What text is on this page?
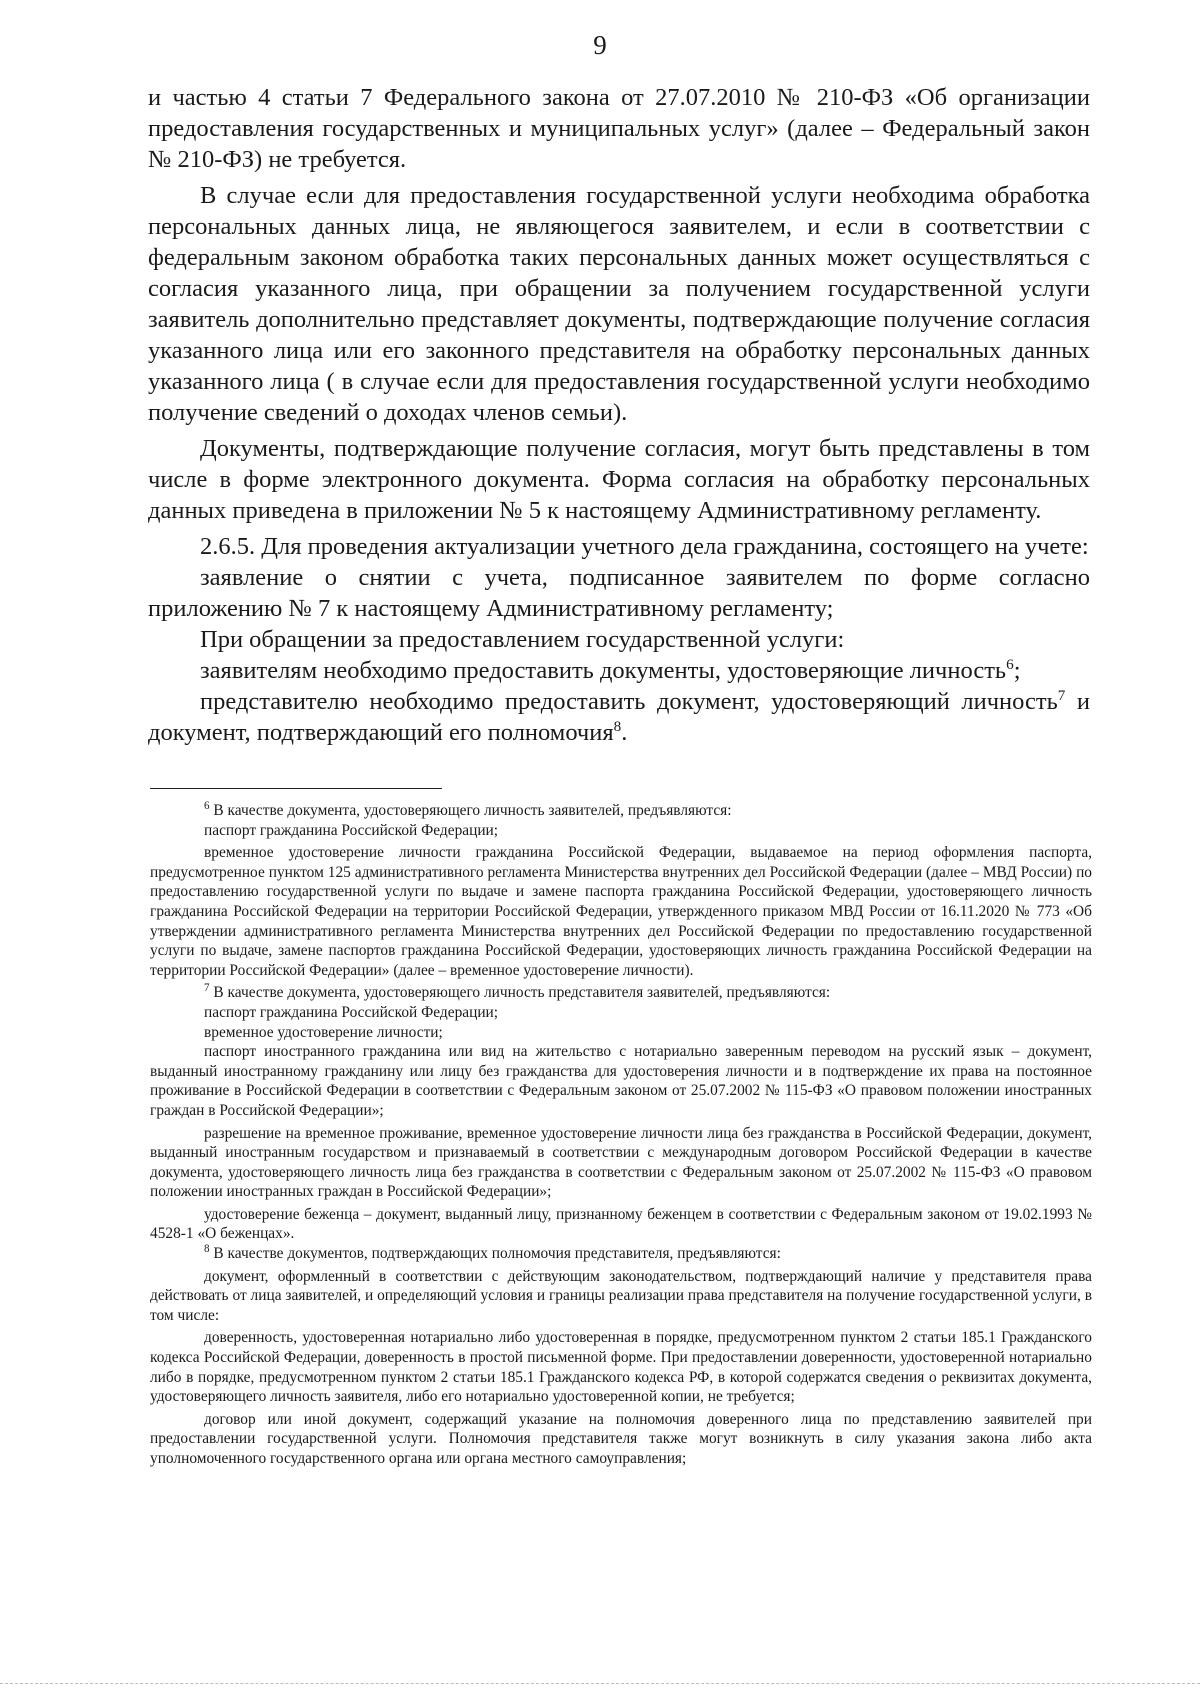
9

и частью 4 статьи 7 Федерального закона от 27.07.2010 № 210-ФЗ «Об организации предоставления государственных и муниципальных услуг» (далее – Федеральный закон № 210-ФЗ) не требуется.

В случае если для предоставления государственной услуги необходима обработка персональных данных лица, не являющегося заявителем, и если в соответствии с федеральным законом обработка таких персональных данных может осуществляться с согласия указанного лица, при обращении за получением государственной услуги заявитель дополнительно представляет документы, подтверждающие получение согласия указанного лица или его законного представителя на обработку персональных данных указанного лица ( в случае если для предоставления государственной услуги необходимо получение сведений о доходах членов семьи).

Документы, подтверждающие получение согласия, могут быть представлены в том числе в форме электронного документа. Форма согласия на обработку персональных данных приведена в приложении № 5 к настоящему Административному регламенту.

2.6.5. Для проведения актуализации учетного дела гражданина, состоящего на учете:

заявление о снятии с учета, подписанное заявителем по форме согласно приложению № 7 к настоящему Административному регламенту;

При обращении за предоставлением государственной услуги:

заявителям необходимо предоставить документы, удостоверяющие личность$^6$;

представителю необходимо предоставить документ, удостоверяющий личность$^7$ и документ, подтверждающий его полномочия$^8$.

$^6$ В качестве документа, удостоверяющего личность заявителей, предъявляются:

паспорт гражданина Российской Федерации;

временное удостоверение личности гражданина Российской Федерации, выдаваемое на период оформления паспорта, предусмотренное пунктом 125 административного регламента Министерства внутренних дел Российской Федерации (далее – МВД России) по предоставлению государственной услуги по выдаче и замене паспорта гражданина Российской Федерации, удостоверяющего личность гражданина Российской Федерации на территории Российской Федерации, утвержденного приказом МВД России от 16.11.2020 № 773 «Об утверждении административного регламента Министерства внутренних дел Российской Федерации по предоставлению государственной услуги по выдаче, замене паспортов гражданина Российской Федерации, удостоверяющих личность гражданина Российской Федерации на территории Российской Федерации» (далее – временное удостоверение личности).

$^7$ В качестве документа, удостоверяющего личность представителя заявителей, предъявляются:

паспорт гражданина Российской Федерации;

временное удостоверение личности;

паспорт иностранного гражданина или вид на жительство с нотариально заверенным переводом на русский язык – документ, выданный иностранному гражданину или лицу без гражданства для удостоверения личности и в подтверждение их права на постоянное проживание в Российской Федерации в соответствии с Федеральным законом от 25.07.2002 № 115-ФЗ «О правовом положении иностранных граждан в Российской Федерации»;

разрешение на временное проживание, временное удостоверение личности лица без гражданства в Российской Федерации, документ, выданный иностранным государством и признаваемый в соответствии с международным договором Российской Федерации в качестве документа, удостоверяющего личность лица без гражданства в соответствии с Федеральным законом от 25.07.2002 № 115-ФЗ «О правовом положении иностранных граждан в Российской Федерации»;

удостоверение беженца – документ, выданный лицу, признанному беженцем в соответствии с Федеральным законом от 19.02.1993 № 4528-1 «О беженцах».

$^8$ В качестве документов, подтверждающих полномочия представителя, предъявляются:

документ, оформленный в соответствии с действующим законодательством, подтверждающий наличие у представителя права действовать от лица заявителей, и определяющий условия и границы реализации права представителя на получение государственной услуги, в том числе:

доверенность, удостоверенная нотариально либо удостоверенная в порядке, предусмотренном пунктом 2 статьи 185.1 Гражданского кодекса Российской Федерации, доверенность в простой письменной форме. При предоставлении доверенности, удостоверенной нотариально либо в порядке, предусмотренном пунктом 2 статьи 185.1 Гражданского кодекса РФ, в которой содержатся сведения о реквизитах документа, удостоверяющего личность заявителя, либо его нотариально удостоверенной копии, не требуется;

договор или иной документ, содержащий указание на полномочия доверенного лица по представлению заявителей при предоставлении государственной услуги. Полномочия представителя также могут возникнуть в силу указания закона либо акта уполномоченного государственного органа или органа местного самоуправления;
